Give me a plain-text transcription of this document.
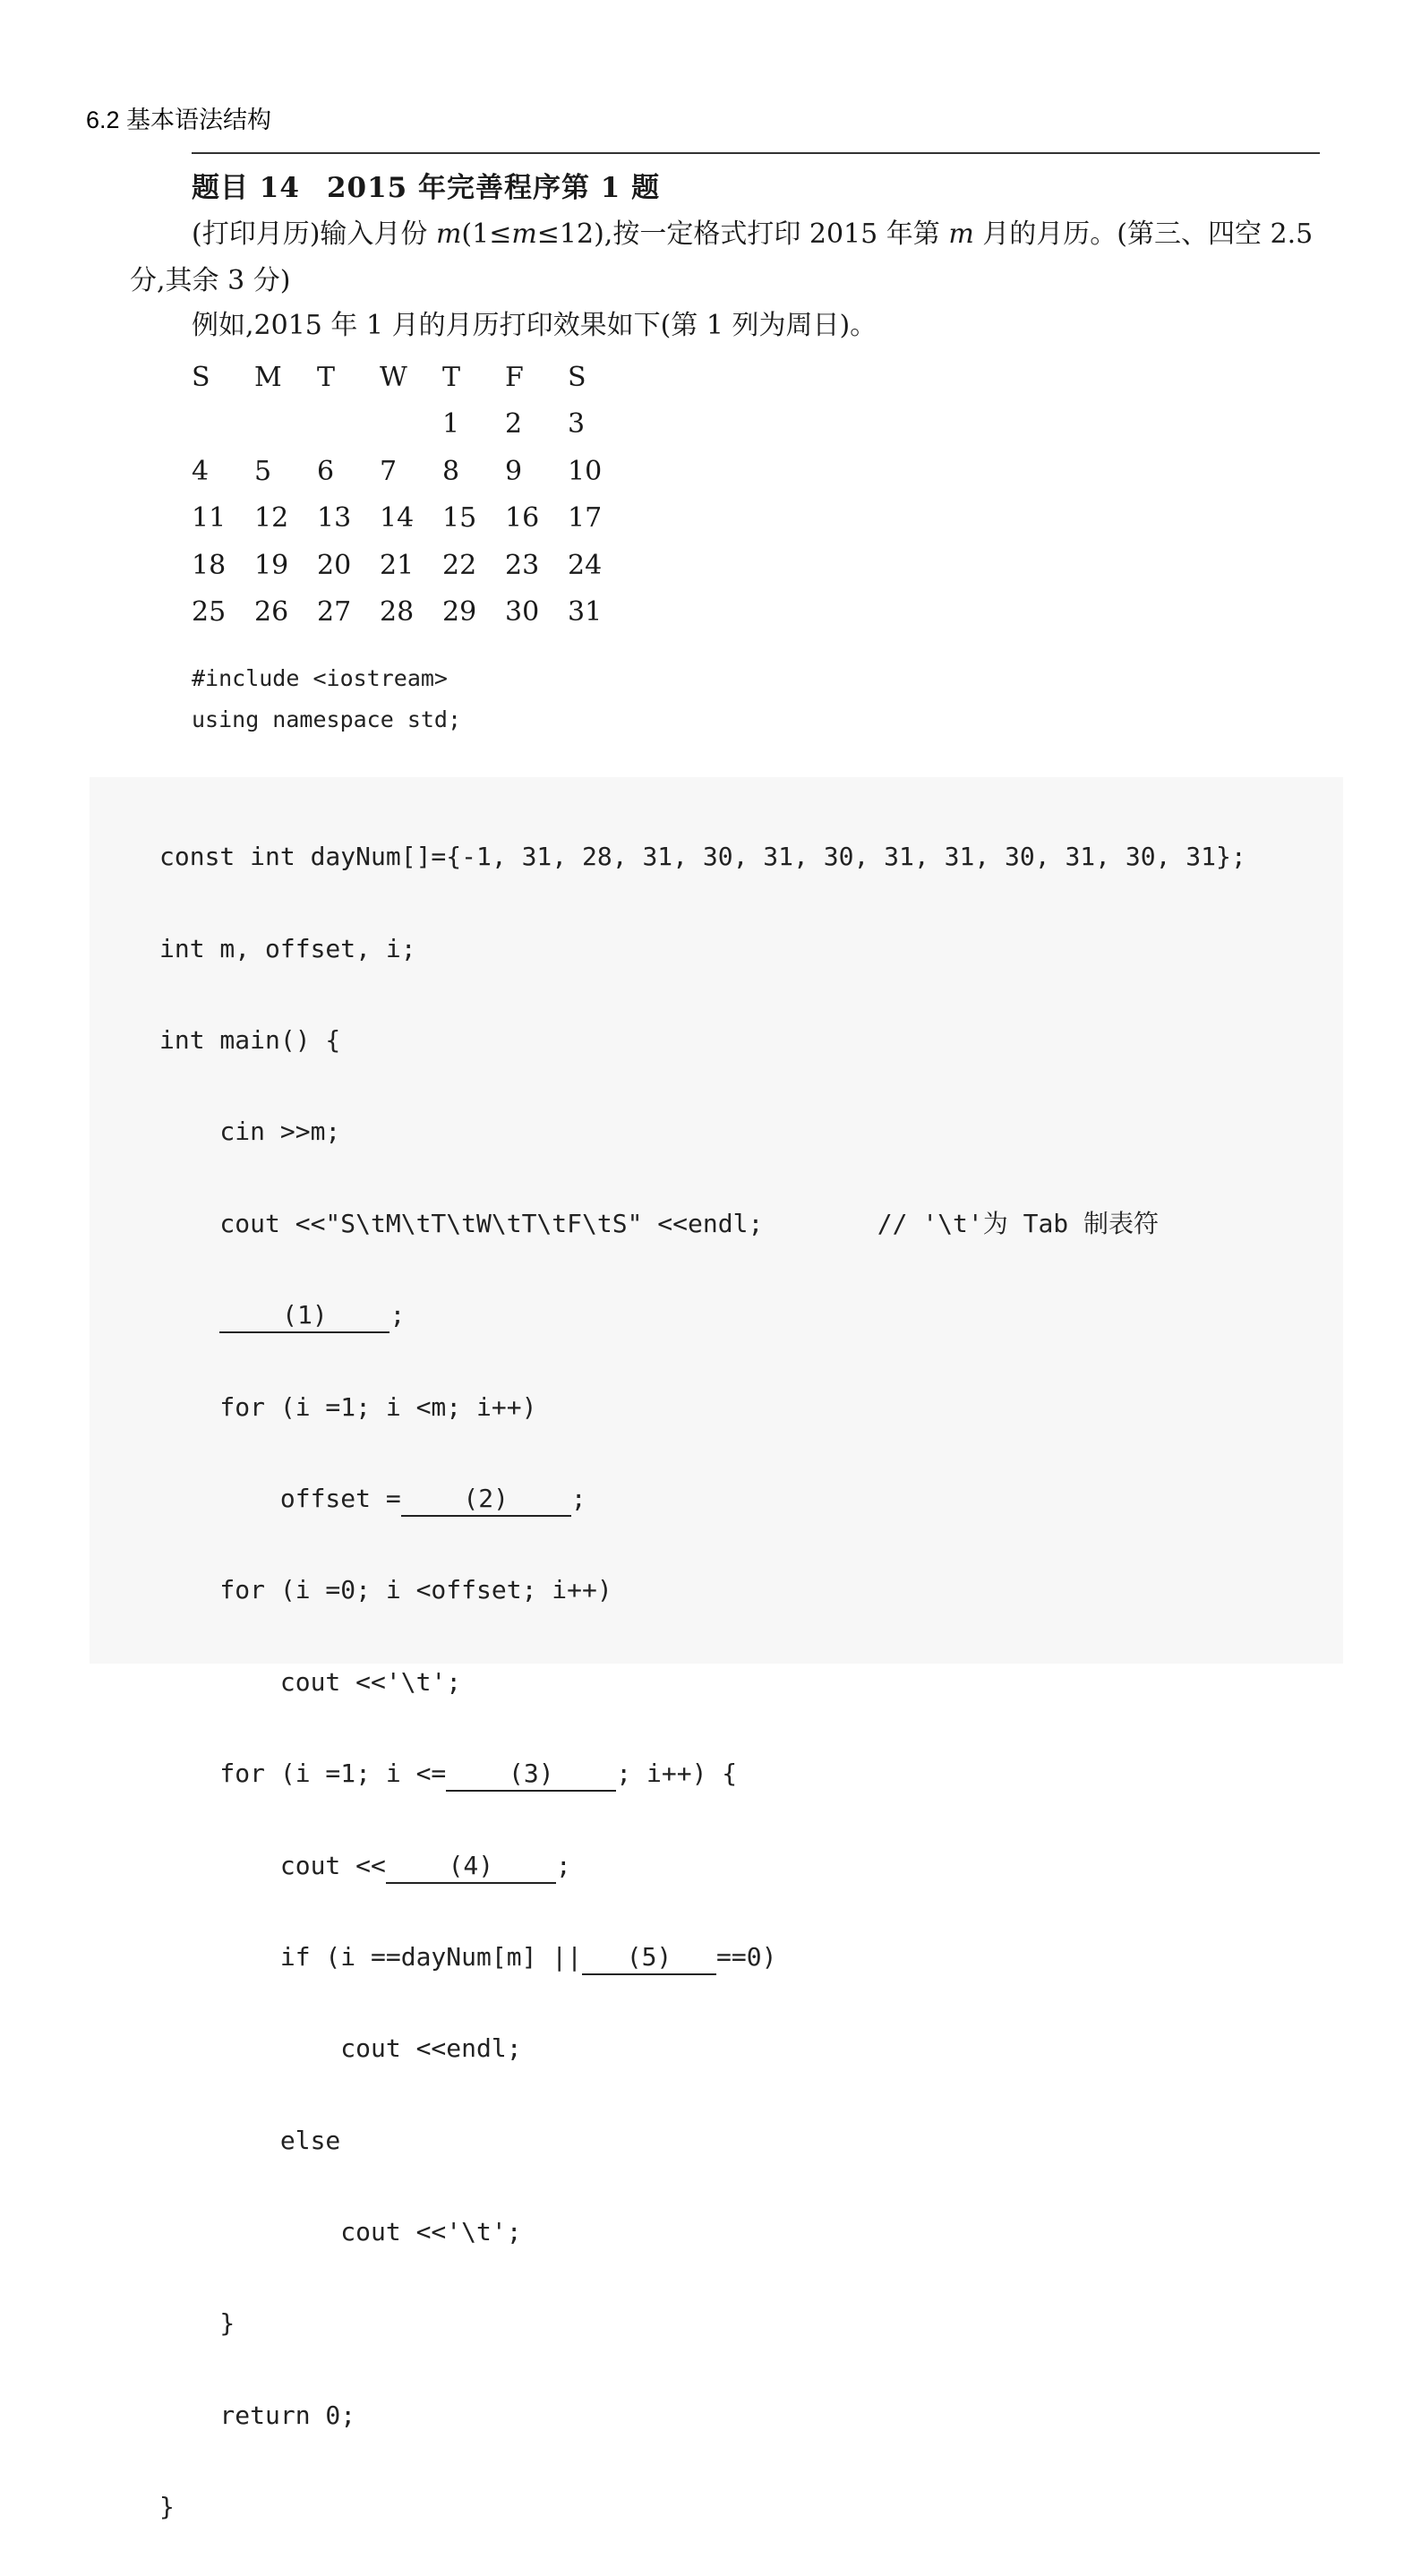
6.2 基本语法结构
题目 14 2015 年完善程序第 1 题
(打印月历)输入月份 m(1≤m≤12),按一定格式打印 2015 年第 m 月的月历。(第三、四空 2.5 分,其余 3 分)
例如,2015 年 1 月的月历打印效果如下(第 1 列为周日)。
S	M	T	W	T	F	S
				1	2	3
4	5	6	7	8	9	10
11	12	13	14	15	16	17
18	19	20	21	22	23	24
25	26	27	28	29	30	31
#include <iostream>
using namespace std;

const int dayNum[]={-1, 31, 28, 31, 30, 31, 30, 31, 31, 30, 31, 30, 31};

int m, offset, i;

int main() {

cin >>m;

cout <<"S\tM\tT\tW\tT\tF\tS" <<endl;    // '\t'为 Tab 制表符

(1) ;

for (i =1; i <m; i++)

offset = (2) ;

for (i =0; i <offset; i++)

cout <<'\t';

for (i =1; i <= (3) ; i++) {

cout << (4) ;

if (i ==dayNum[m] || (5) ==0)

cout <<endl;

else

cout <<'\t';

}

return 0;

}
